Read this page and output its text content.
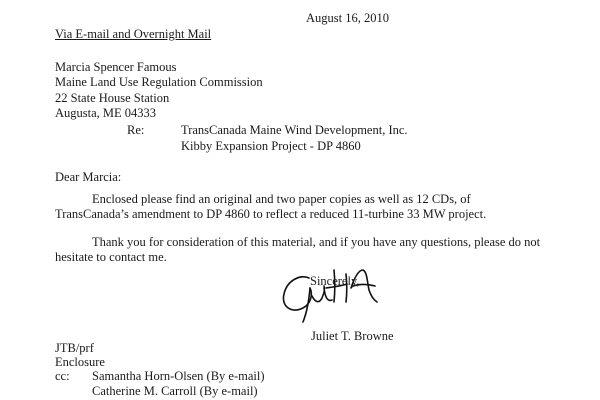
August 16, 2010
Via E-mail and Overnight Mail
Marcia Spencer Famous
Maine Land Use Regulation Commission
22 State House Station
Augusta, ME 04333
Re:	TransCanada Maine Wind Development, Inc.
Kibby Expansion Project - DP 4860
Dear Marcia:
Enclosed please find an original and two paper copies as well as 12 CDs, of
TransCanada’s amendment to DP 4860 to reflect a reduced 11-turbine 33 MW project.
Thank you for consideration of this material, and if you have any questions, please do not
hesitate to contact me.
Sincerely,
Juliet T. Browne
JTB/prf
Enclosure
cc: Samantha Horn-Olsen (By e-mail)
Catherine M. Carroll (By e-mail)
